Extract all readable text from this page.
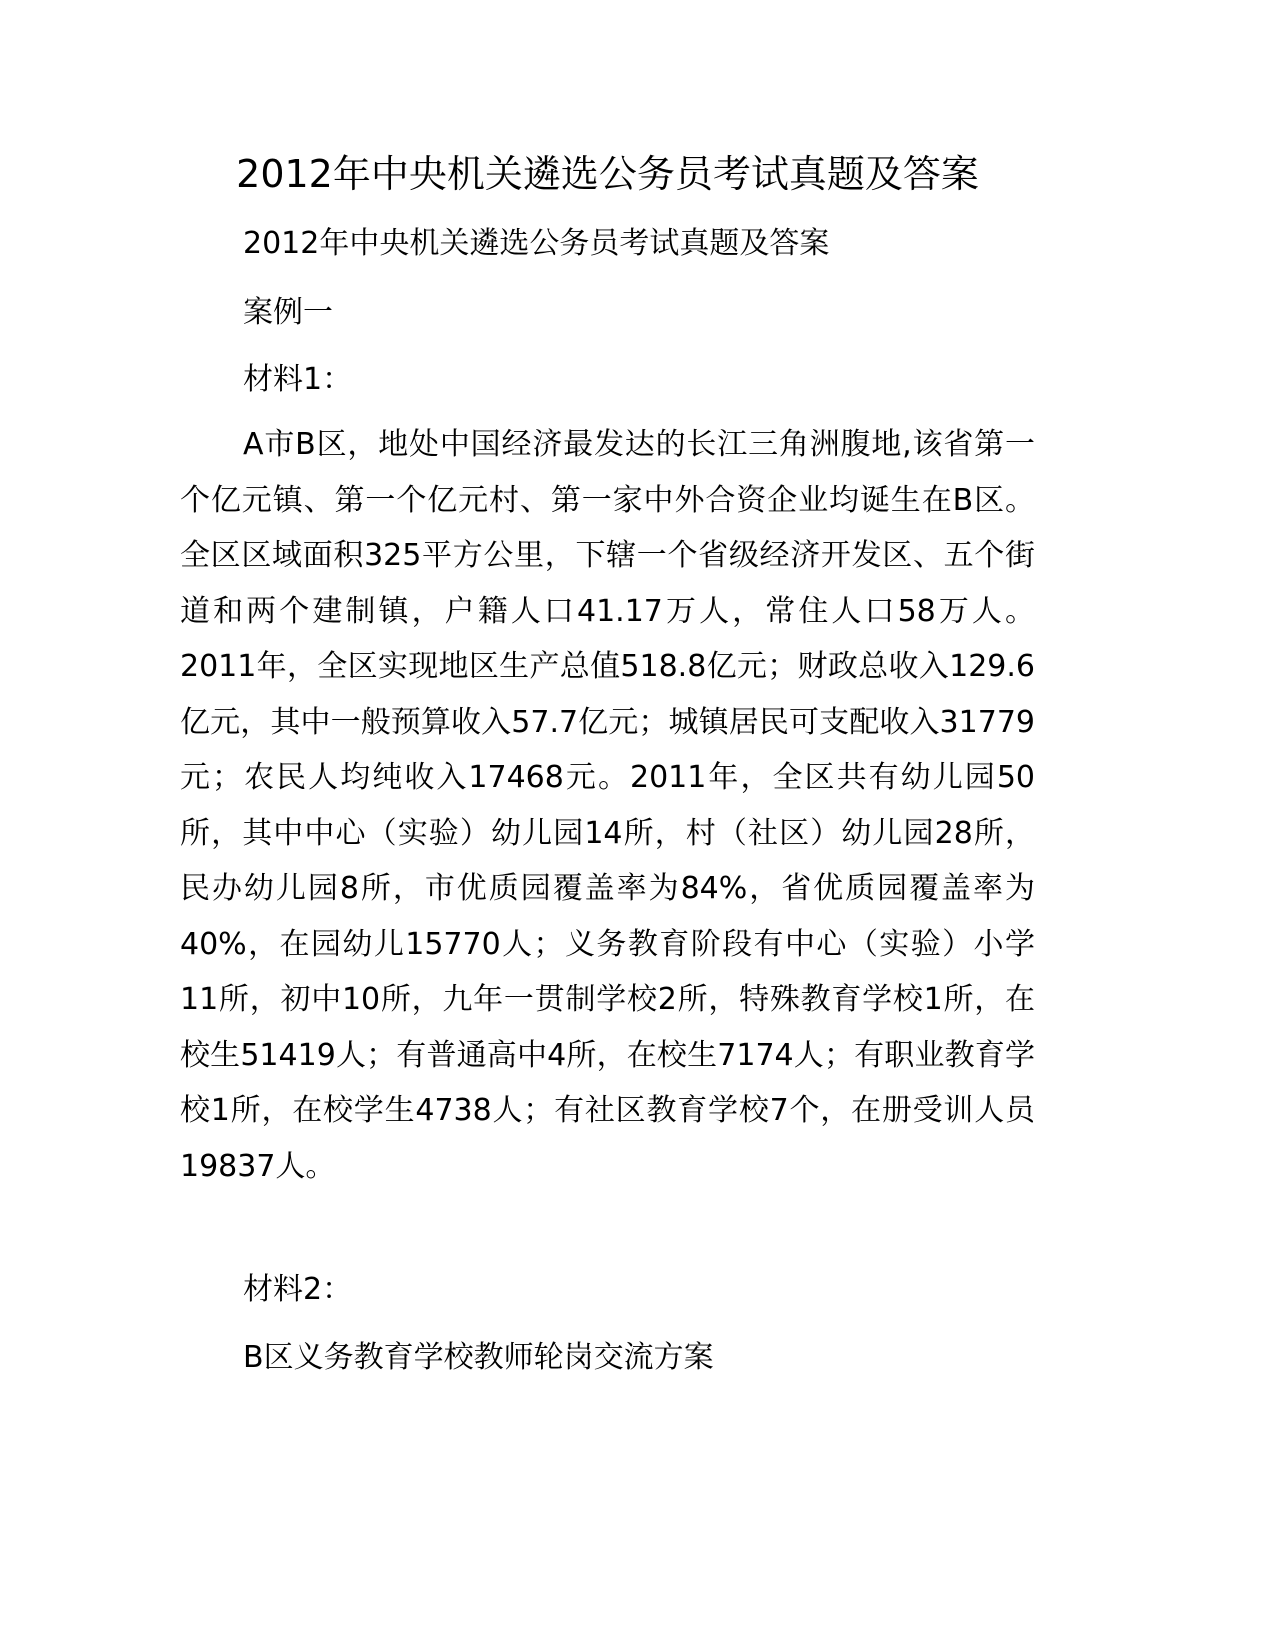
2012年中央机关遴选公务员考试真题及答案
2012年中央机关遴选公务员考试真题及答案
案例一
材料1：
A市B区，地处中国经济最发达的长江三角洲腹地,该省第一个亿元镇、第一个亿元村、第一家中外合资企业均诞生在B区。全区区域面积325平方公里，下辖一个省级经济开发区、五个街道和两个建制镇，户籍人口41.17万人，常住人口58万人。2011年，全区实现地区生产总值518.8亿元；财政总收入129.6亿元，其中一般预算收入57.7亿元；城镇居民可支配收入31779元；农民人均纯收入17468元。2011年，全区共有幼儿园50所，其中中心（实验）幼儿园14所，村（社区）幼儿园28所，民办幼儿园8所，市优质园覆盖率为84%，省优质园覆盖率为40%，在园幼儿15770人；义务教育阶段有中心（实验）小学11所，初中10所，九年一贯制学校2所，特殊教育学校1所，在校生51419人；有普通高中4所，在校生7174人；有职业教育学校1所，在校学生4738人；有社区教育学校7个，在册受训人员19837人。
材料2：
B区义务教育学校教师轮岗交流方案
